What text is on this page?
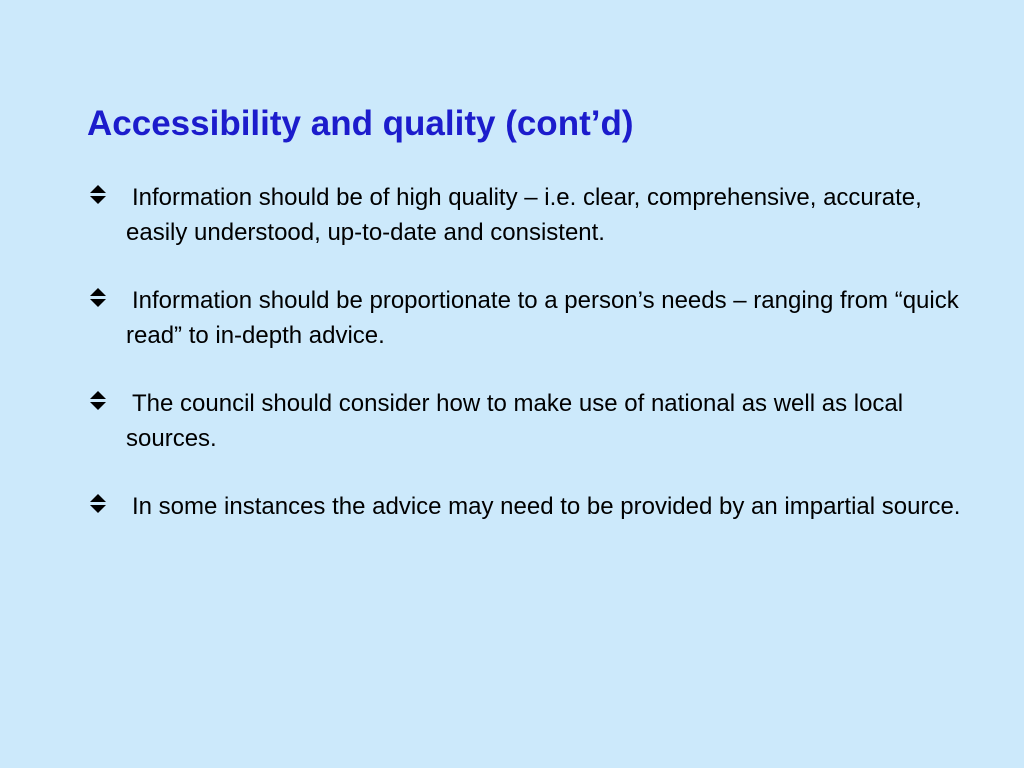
Accessibility and quality (cont’d)
Information should be of high quality – i.e. clear, comprehensive, accurate, easily understood, up-to-date and consistent.
Information should be proportionate to a person’s needs – ranging from “quick read” to in-depth advice.
The council should consider how to make use of national as well as local sources.
In some instances the advice may need to be provided by an impartial source.
